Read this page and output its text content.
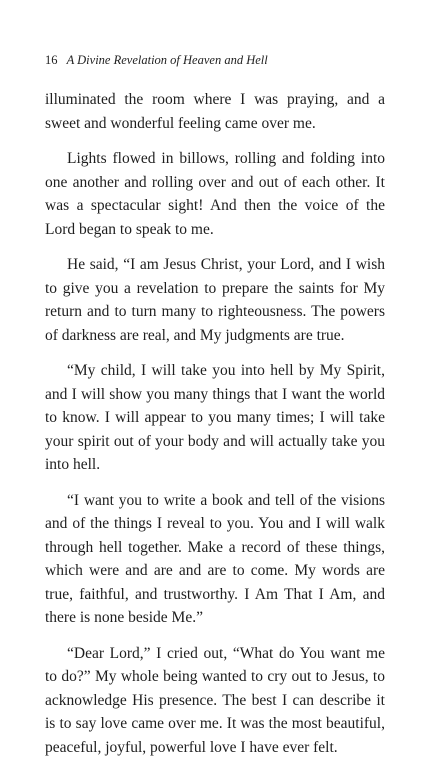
16 A Divine Revelation of Heaven and Hell

illuminated the room where I was praying, and a sweet and wonderful feeling came over me.

Lights flowed in billows, rolling and folding into one another and rolling over and out of each other. It was a spectacular sight! And then the voice of the Lord began to speak to me.

He said, “I am Jesus Christ, your Lord, and I wish to give you a revelation to prepare the saints for My return and to turn many to righteousness. The powers of darkness are real, and My judgments are true.

“My child, I will take you into hell by My Spirit, and I will show you many things that I want the world to know. I will appear to you many times; I will take your spirit out of your body and will actually take you into hell.

“I want you to write a book and tell of the visions and of the things I reveal to you. You and I will walk through hell together. Make a record of these things, which were and are and are to come. My words are true, faithful, and trustworthy. I Am That I Am, and there is none beside Me.”

“Dear Lord,” I cried out, “What do You want me to do?” My whole being wanted to cry out to Jesus, to acknowledge His presence. The best I can describe it is to say love came over me. It was the most beautiful, peaceful, joyful, powerful love I have ever felt.
